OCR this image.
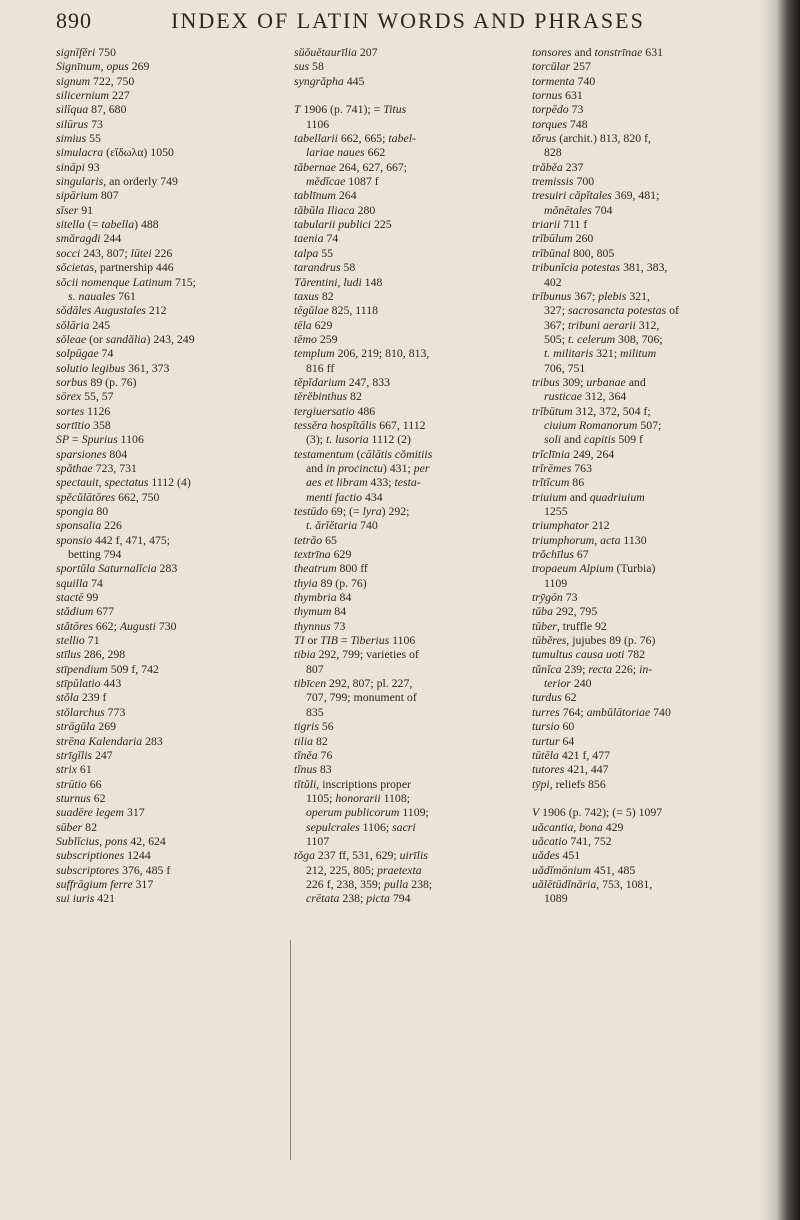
890	INDEX OF LATIN WORDS AND PHRASES
signĭfĕri 750
Signīnum, opus 269
signum 722, 750
silicernium 227
silĭqua 87, 680
silūrus 73
simius 55
simulacra (εἴδωλα) 1050
sināpi 93
singularis, an orderly 749
sipārium 807
sĭser 91
sitella (= tabella) 488
smăragdi 244
socci 243, 807; lūtei 226
sŏcietas, partnership 446
sŏcii nomenque Latinum 715;
s. nauales 761
sŏdāles Augustales 212
sŏlāria 245
sŏleae (or sandălia) 243, 249
solpūgae 74
solutio legibus 361, 373
sorbus 89 (p. 76)
sōrex 55, 57
sortes 1126
sortītio 358
SP = Spurius 1106
sparsiones 804
spăthae 723, 731
spectauit, spectatus 1112 (4)
spĕcŭlātōres 662, 750
spongia 80
sponsalia 226
sponsio 442 f, 471, 475;
betting 794
sportŭla Saturnalĭcia 283
squilla 74
stactē 99
stădium 677
stătōres 662; Augusti 730
stellio 71
stīlus 286, 298
stīpendium 509 f, 742
stīpŭlatio 443
stŏla 239 f
stŏlarchus 773
strāgŭla 269
strēna Kalendaria 283
strīgĭlis 247
strix 61
strūtio 66
sturnus 62
suadēre legem 317
sūber 82
Sublĭcius, pons 42, 624
subscriptiones 1244
subscriptores 376, 485 f
suffrāgium ferre 317
sui iuris 421
sŭŏuĕtaurīlia 207
sus 58
syngrăpha 445

T 1906 (p. 741); = Titus
1106
tabellarii 662, 665; tabel-
lariae naues 662
tăbernae 264, 627, 667;
mĕdĭcae 1087 f
tablīnum 264
tăbŭla Iliaca 280
tabularii publici 225
taenia 74
talpa 55
tarandrus 58
Tărentini, ludi 148
taxus 82
tēgŭlae 825, 1118
tēla 629
tēmo 259
templum 206, 219; 810, 813,
816 ff
tĕpĭdarium 247, 833
tĕrĕbinthus 82
tergiuersatio 486
tessĕra hospĭtālis 667, 1112
(3); t. lusoria 1112 (2)
testamentum (cālātis cŏmitiis
and in procinctu) 431; per
aes et libram 433; testa-
menti factio 434
testūdo 69; (= lyra) 292;
t. ărĭĕtaria 740
tetrăo 65
textrīna 629
theatrum 800 ff
thyia 89 (p. 76)
thymbria 84
thymum 84
thynnus 73
TI or TIB = Tiberius 1106
tibia 292, 799; varieties of
807
tibīcen 292, 807; pl. 227,
707, 799; monument of
835
tigris 56
tilia 82
tĭnĕa 76
tĭnus 83
tĭtŭli, inscriptions proper
1105; honorarii 1108;
operum publicorum 1109;
sepulcrales 1106; sacri
1107
tŏga 237 ff, 531, 629; uirīlis
212, 225, 805; praetexta
226 f, 238, 359; pulla 238;
crētata 238; picta 794
tonsores and tonstrīnae 631
torcŭlar 257
tormenta 740
tornus 631
torpēdo 73
torques 748
tŏrus (archit.) 813, 820 f,
828
trăbĕa 237
tremissis 700
tresuiri căpĭtales 369, 481;
mŏnētales 704
triarii 711 f
trĭbūlum 260
trĭbūnal 800, 805
tribunĭcia potestas 381, 383,
402
trĭbunus 367; plebis 321,
327; sacrosancta potestas of
367; tribuni aerarii 312,
505; t. celerum 308, 706;
t. militaris 321; militum
706, 751
tribus 309; urbanae and
rusticae 312, 364
trĭbūtum 312, 372, 504 f;
ciuium Romanorum 507;
soli and capitis 509 f
trĭclīnia 249, 264
trĭrēmes 763
trĭtĭcum 86
triuium and quadriuium
1255
triumphator 212
triumphorum, acta 1130
trŏchīlus 67
tropaeum Alpium (Turbia)
1109
trȳgōn 73
tŭba 292, 795
tūber, truffle 92
tūbĕres, jujubes 89 (p. 76)
tumultus causa uoti 782
tŭnĭca 239; recta 226; in-
terior 240
turdus 62
turres 764; ambŭlātoriae 740
tursio 60
turtur 64
tūtēla 421 f, 477
tutores 421, 447
tȳpi, reliefs 856

V 1906 (p. 742); (= 5) 1097
uăcantia, bona 429
uăcatio 741, 752
uădes 451
uădĭmōnium 451, 485
uălētūdĭnāria, 753, 1081,
1089
